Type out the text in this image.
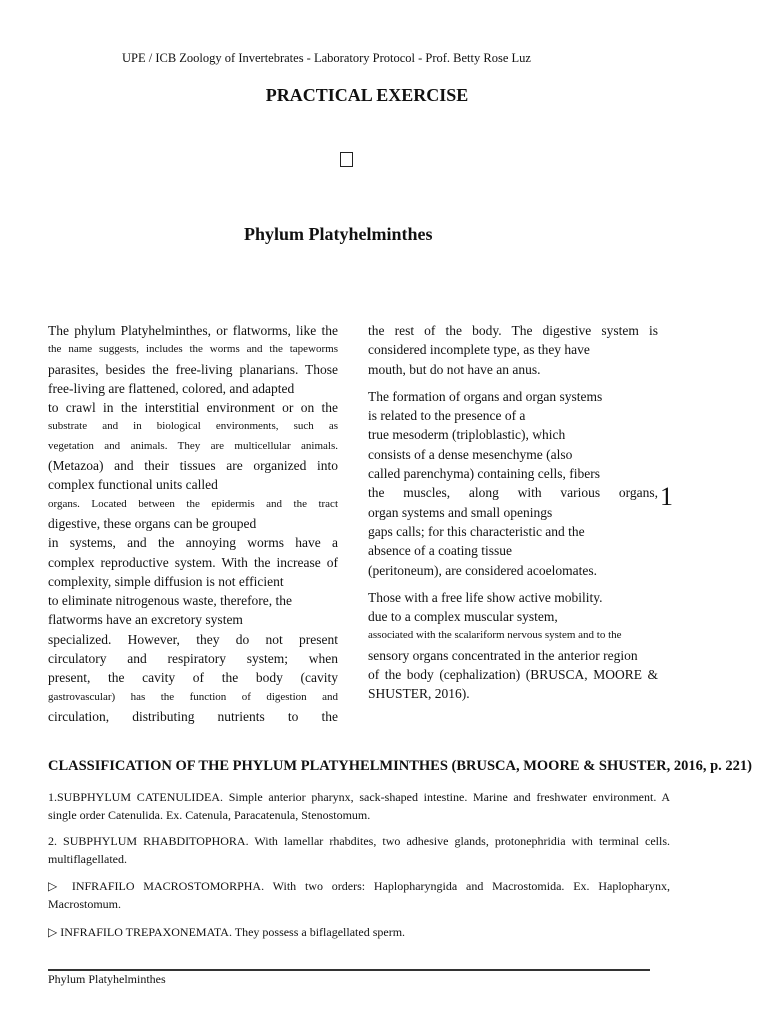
UPE / ICB Zoology of Invertebrates - Laboratory Protocol - Prof. Betty Rose Luz
PRACTICAL EXERCISE
Phylum Platyhelminthes
The phylum Platyhelminthes, or flatworms, like the
the name suggests, includes the worms and the tapeworms
parasites, besides the free-living planarians. Those
free-living are flattened, colored, and adapted
to crawl in the interstitial environment or on the
substrate and in biological environments, such as
vegetation and animals. They are multicellular animals.
(Metazoa) and their tissues are organized into
complex functional units called
organs. Located between the epidermis and the tract
digestive, these organs can be grouped
in systems, and the annoying worms have a
complex reproductive system. With the increase of
complexity, simple diffusion is not efficient
to eliminate nitrogenous waste, therefore, the
flatworms have an excretory system
specialized. However, they do not present
circulatory and respiratory system; when
present, the cavity of the body (cavity
gastrovascular) has the function of digestion and
circulation, distributing nutrients to the
the rest of the body. The digestive system is
considered incomplete type, as they have
mouth, but do not have an anus.
The formation of organs and organ systems
is related to the presence of a
true mesoderm (triploblastic), which
consists of a dense mesenchyme (also
called parenchyma) containing cells, fibers
the muscles, along with various organs,
organ systems and small openings
gaps calls; for this characteristic and the
absence of a coating tissue
(peritoneum), are considered acoelomates.
Those with a free life show active mobility.
due to a complex muscular system,
associated with the scalariform nervous system and to the
sensory organs concentrated in the anterior region
of the body (cephalization) (BRUSCA, MOORE &
SHUSTER, 2016).
1
CLASSIFICATION OF THE PHYLUM PLATYHELMINTHES (BRUSCA, MOORE & SHUSTER, 2016, p. 221)
1.SUBPHYLUM CATENULIDEA. Simple anterior pharynx, sack-shaped intestine. Marine and freshwater environment. A single order Catenulida. Ex. Catenula, Paracatenula, Stenostomum.
2. SUBPHYLUM RHABDITOPHORA. With lamellar rhabdites, two adhesive glands, protonephridia with terminal cells. multiflagellated.
▷ INFRAFILO MACROSTOMORPHA. With two orders: Haplopharyngida and Macrostomida. Ex. Haplopharynx, Macrostomum.
▷ INFRAFILO TREPAXONEMATA. They possess a biflagellated sperm.
Phylum Platyhelminthes
